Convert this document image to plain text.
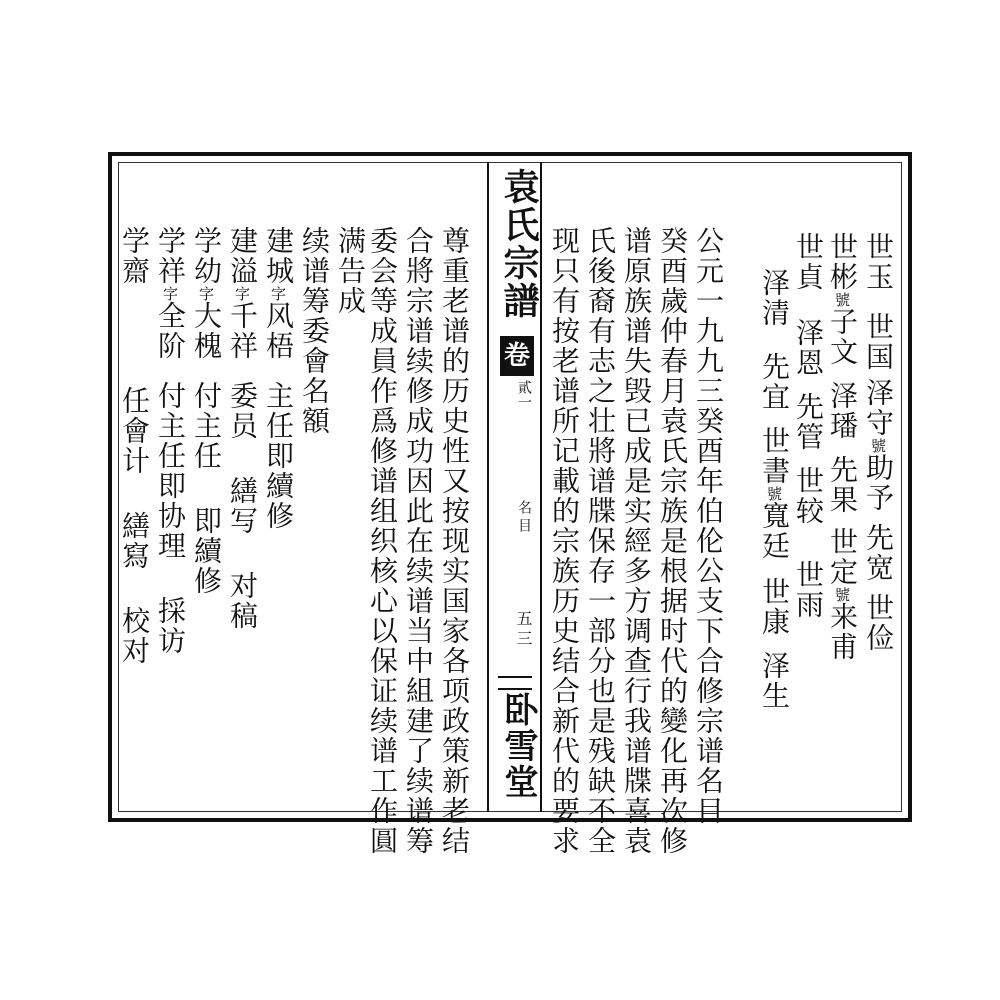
世玉世国泽守號助予先宽世俭
世彬號子文泽璠先果世定號来甫
世貞泽恩先管世较世雨
泽清先宜世書號寬廷世康泽生
公元一九九三癸酉年伯伦公支下合修宗谱名目
癸酉歲仲春月袁氏宗族是根据时代的變化再次修
谱原族谱失毁已成是实經多方调查行我谱牒喜袁
氏後裔有志之壮將谱牒保存一部分也是残缺不全
现只有按老谱所记載的宗族历史结合新代的要求
袁氏宗譜
卷
貳一
名目
五三
卧雪堂
尊重老谱的历史性又按现实国家各项政策新老结
合將宗谱续修成功因此在续谱当中組建了续谱筹
委会等成員作爲修谱组织核心以保证续谱工作圓
满告成
续谱筹委會名額
建城字风梧主任即續修
建溢字千祥委员 繕写 对稿
学幼字大槐付主任 即續修
学祥字全阶付主任即协理 採访
学齋任會计 繕寫 校对
